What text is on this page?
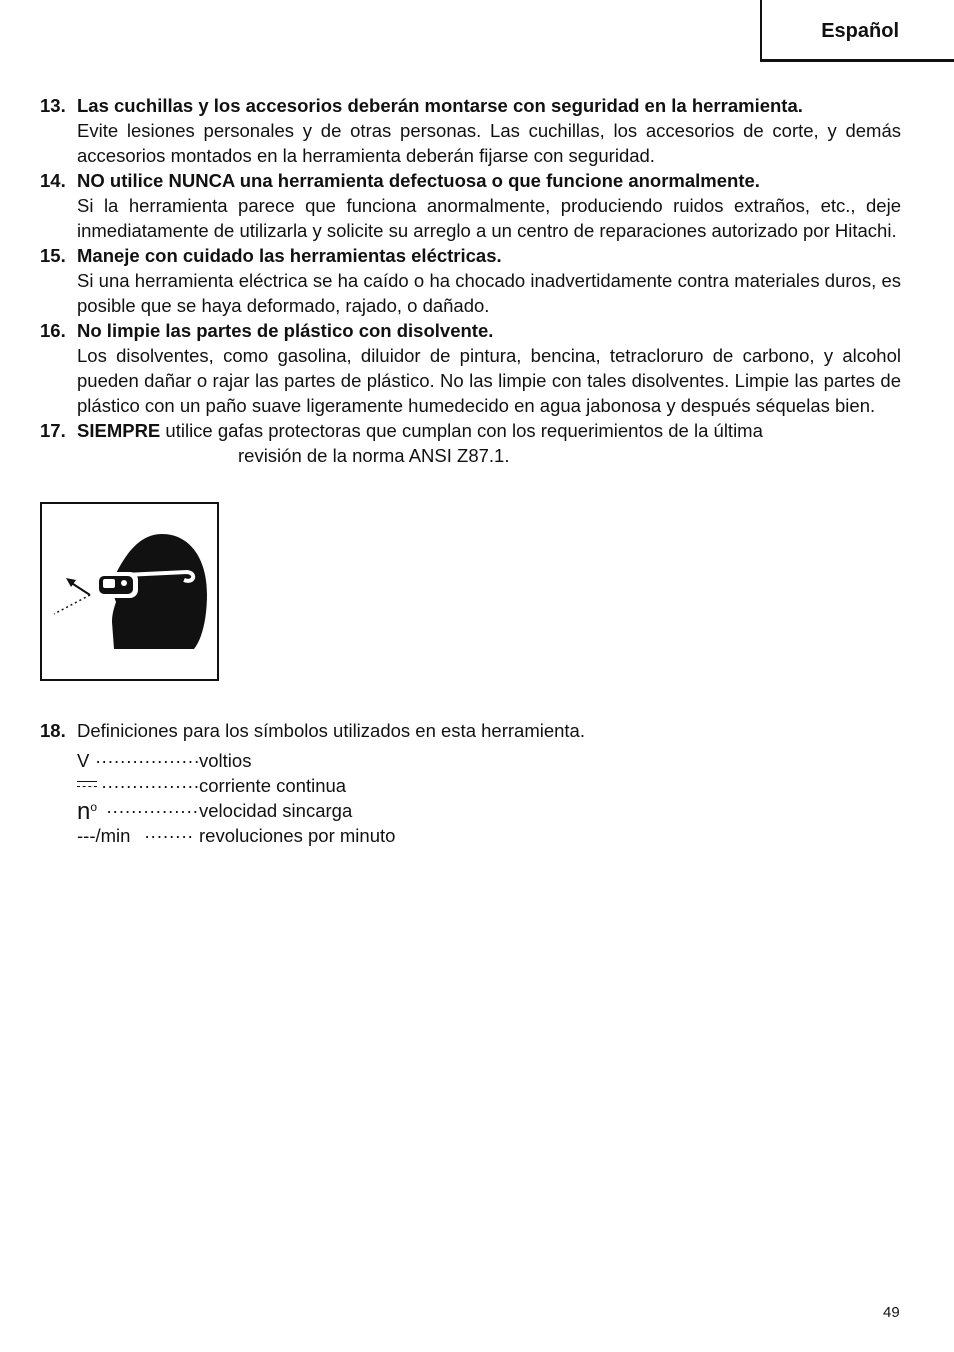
Español
13. Las cuchillas y los accesorios deberán montarse con seguridad en la herramienta.
Evite lesiones personales y de otras personas. Las cuchillas, los accesorios de corte, y demás accesorios montados en la herramienta deberán fijarse con seguridad.
14. NO utilice NUNCA una herramienta defectuosa o que funcione anormalmente.
Si la herramienta parece que funciona anormalmente, produciendo ruidos extraños, etc., deje inmediatamente de utilizarla y solicite su arreglo a un centro de reparaciones autorizado por Hitachi.
15. Maneje con cuidado las herramientas eléctricas.
Si una herramienta eléctrica se ha caído o ha chocado inadvertidamente contra materiales duros, es posible que se haya deformado, rajado, o dañado.
16. No limpie las partes de plástico con disolvente.
Los disolventes, como gasolina, diluidor de pintura, bencina, tetracloruro de carbono, y alcohol pueden dañar o rajar las partes de plástico. No las limpie con tales disolventes. Limpie las partes de plástico con un paño suave ligeramente humedecido en agua jabonosa y después séquelas bien.
17. SIEMPRE utilice gafas protectoras que cumplan con los requerimientos de la última
revisión de la norma ANSI Z87.1.
18. Definiciones para los símbolos utilizados en esta herramienta.
V ················· voltios
················ corriente continua
$n^o$ ··············· velocidad sincarga
---/min ········ revoluciones por minuto
49
